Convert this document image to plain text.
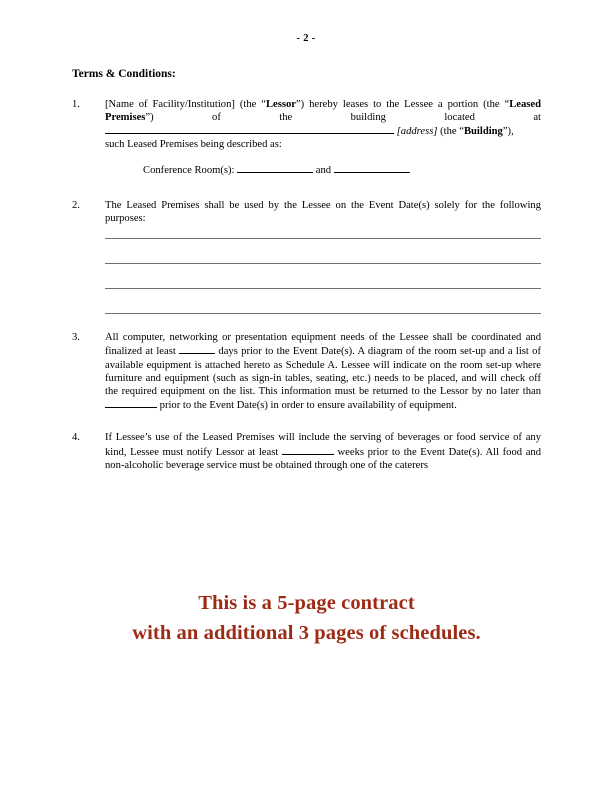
- 2 -
Terms & Conditions:
1. [Name of Facility/Institution] (the “Lessor”) hereby leases to the Lessee a portion (the “Leased Premises”) of the building located at
[address] (the “Building”),
such Leased Premises being described as:
Conference Room(s):	and
2. The Leased Premises shall be used by the Lessee on the Event Date(s) solely for the following purposes:
3. All computer, networking or presentation equipment needs of the Lessee shall be coordinated and finalized at least	days prior to the Event Date(s). A diagram of the room set-up and a list of available equipment is attached hereto as Schedule A. Lessee will indicate on the room set-up where furniture and equipment (such as sign-in tables, seating, etc.) needs to be placed, and will check off the required equipment on the list. This information must be returned to the Lessor by no later than  prior to the Event Date(s) in order to ensure availability of equipment.
4. If Lessee’s use of the Leased Premises will include the serving of beverages or food service of any kind, Lessee must notify Lessor at least	weeks prior to the Event Date(s). All food and non-alcoholic beverage service must be obtained through one of the caterers
This is a 5-page contract
with an additional 3 pages of schedules.
